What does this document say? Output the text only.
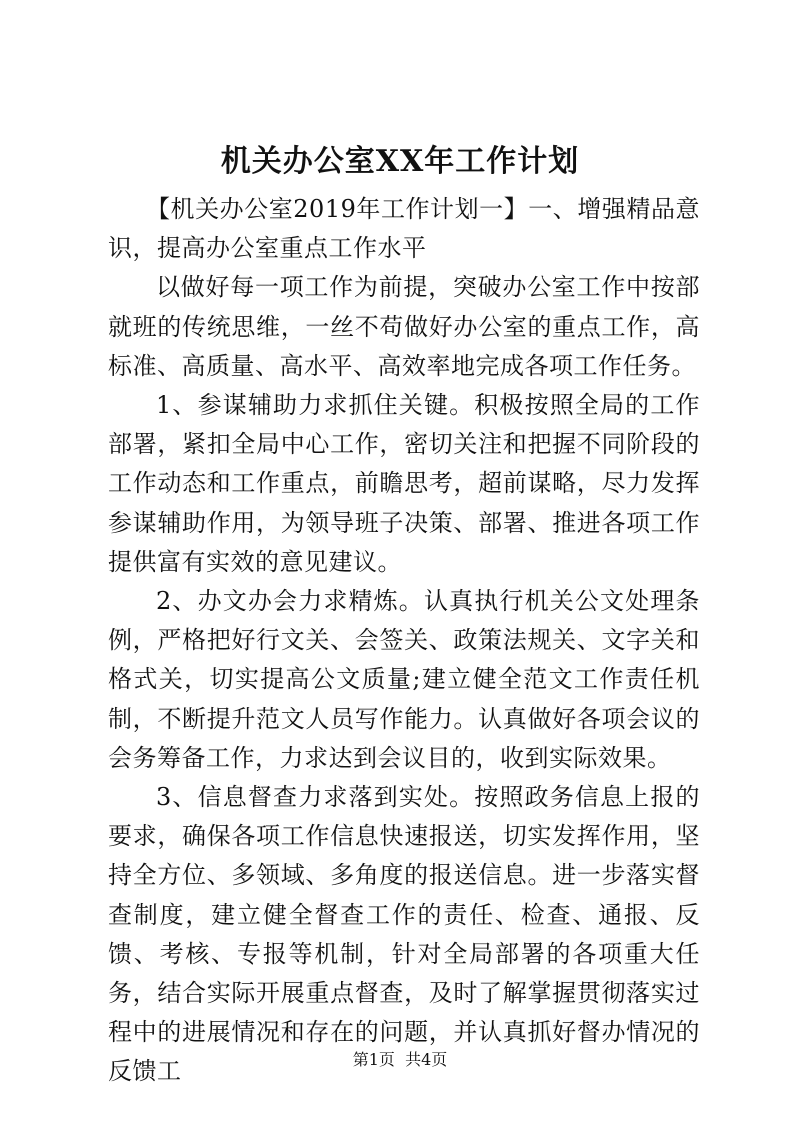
机关办公室XX年工作计划

【机关办公室2019年工作计划一】一、增强精品意识，提高办公室重点工作水平

以做好每一项工作为前提，突破办公室工作中按部就班的传统思维，一丝不苟做好办公室的重点工作，高标准、高质量、高水平、高效率地完成各项工作任务。

1、参谋辅助力求抓住关键。积极按照全局的工作部署，紧扣全局中心工作，密切关注和把握不同阶段的工作动态和工作重点，前瞻思考，超前谋略，尽力发挥参谋辅助作用，为领导班子决策、部署、推进各项工作提供富有实效的意见建议。

2、办文办会力求精炼。认真执行机关公文处理条例，严格把好行文关、会签关、政策法规关、文字关和格式关，切实提高公文质量;建立健全范文工作责任机制，不断提升范文人员写作能力。认真做好各项会议的会务筹备工作，力求达到会议目的，收到实际效果。

3、信息督查力求落到实处。按照政务信息上报的要求，确保各项工作信息快速报送，切实发挥作用，坚持全方位、多领域、多角度的报送信息。进一步落实督查制度，建立健全督查工作的责任、检查、通报、反馈、考核、专报等机制，针对全局部署的各项重大任务，结合实际开展重点督查，及时了解掌握贯彻落实过程中的进展情况和存在的问题，并认真抓好督办情况的反馈工	第1页  共4页
